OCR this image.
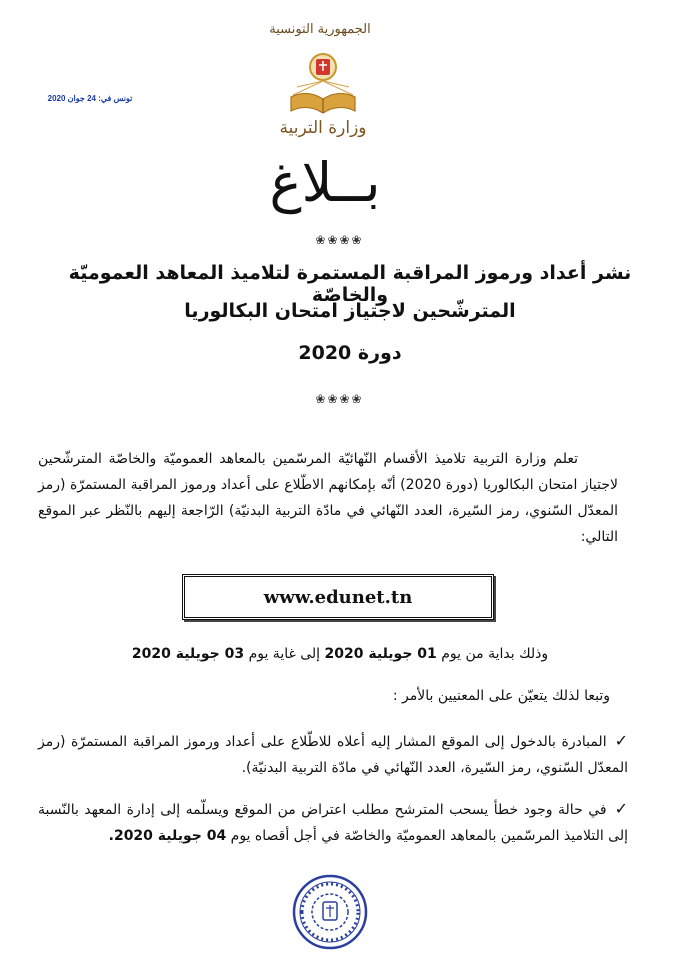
الجمهورية التونسية
وزارة التربية
تونس في: 24 جوان 2020
بــلاغ
❀❀❀❀
نشر أعداد ورموز المراقبة المستمرة لتلاميذ المعاهد العموميّة والخاصّة
المترشّحين لاجتياز امتحان البكالوريا
دورة 2020
❀❀❀❀
تعلم وزارة التربية تلاميذ الأقسام النّهائيّة المرسّمين بالمعاهد العموميّة والخاصّة المترشّحين لاجتياز امتحان البكالوريا (دورة 2020) أنّه بإمكانهم الاطّلاع على أعداد ورموز المراقبة المستمرّة (رمز المعدّل السّنوي، رمز السّيرة، العدد النّهائي في مادّة التربية البدنيّة) الرّاجعة إليهم بالنّظر عبر الموقع التالي:
www.edunet.tn
وذلك بداية من يوم 01 جويلية 2020 إلى غاية يوم 03 جويلية 2020
وتبعا لذلك يتعيّن على المعنيين بالأمر :
✓المبادرة بالدخول إلى الموقع المشار إليه أعلاه للاطّلاع على أعداد ورموز المراقبة المستمرّة (رمز المعدّل السّنوي، رمز السّيرة، العدد النّهائي في مادّة التربية البدنيّة).
✓في حالة وجود خطأ يسحب المترشح مطلب اعتراض من الموقع ويسلّمه إلى إدارة المعهد بالنّسبة إلى التلاميذ المرسّمين بالمعاهد العموميّة والخاصّة في أجل أقصاه يوم 04 جويلية 2020.
